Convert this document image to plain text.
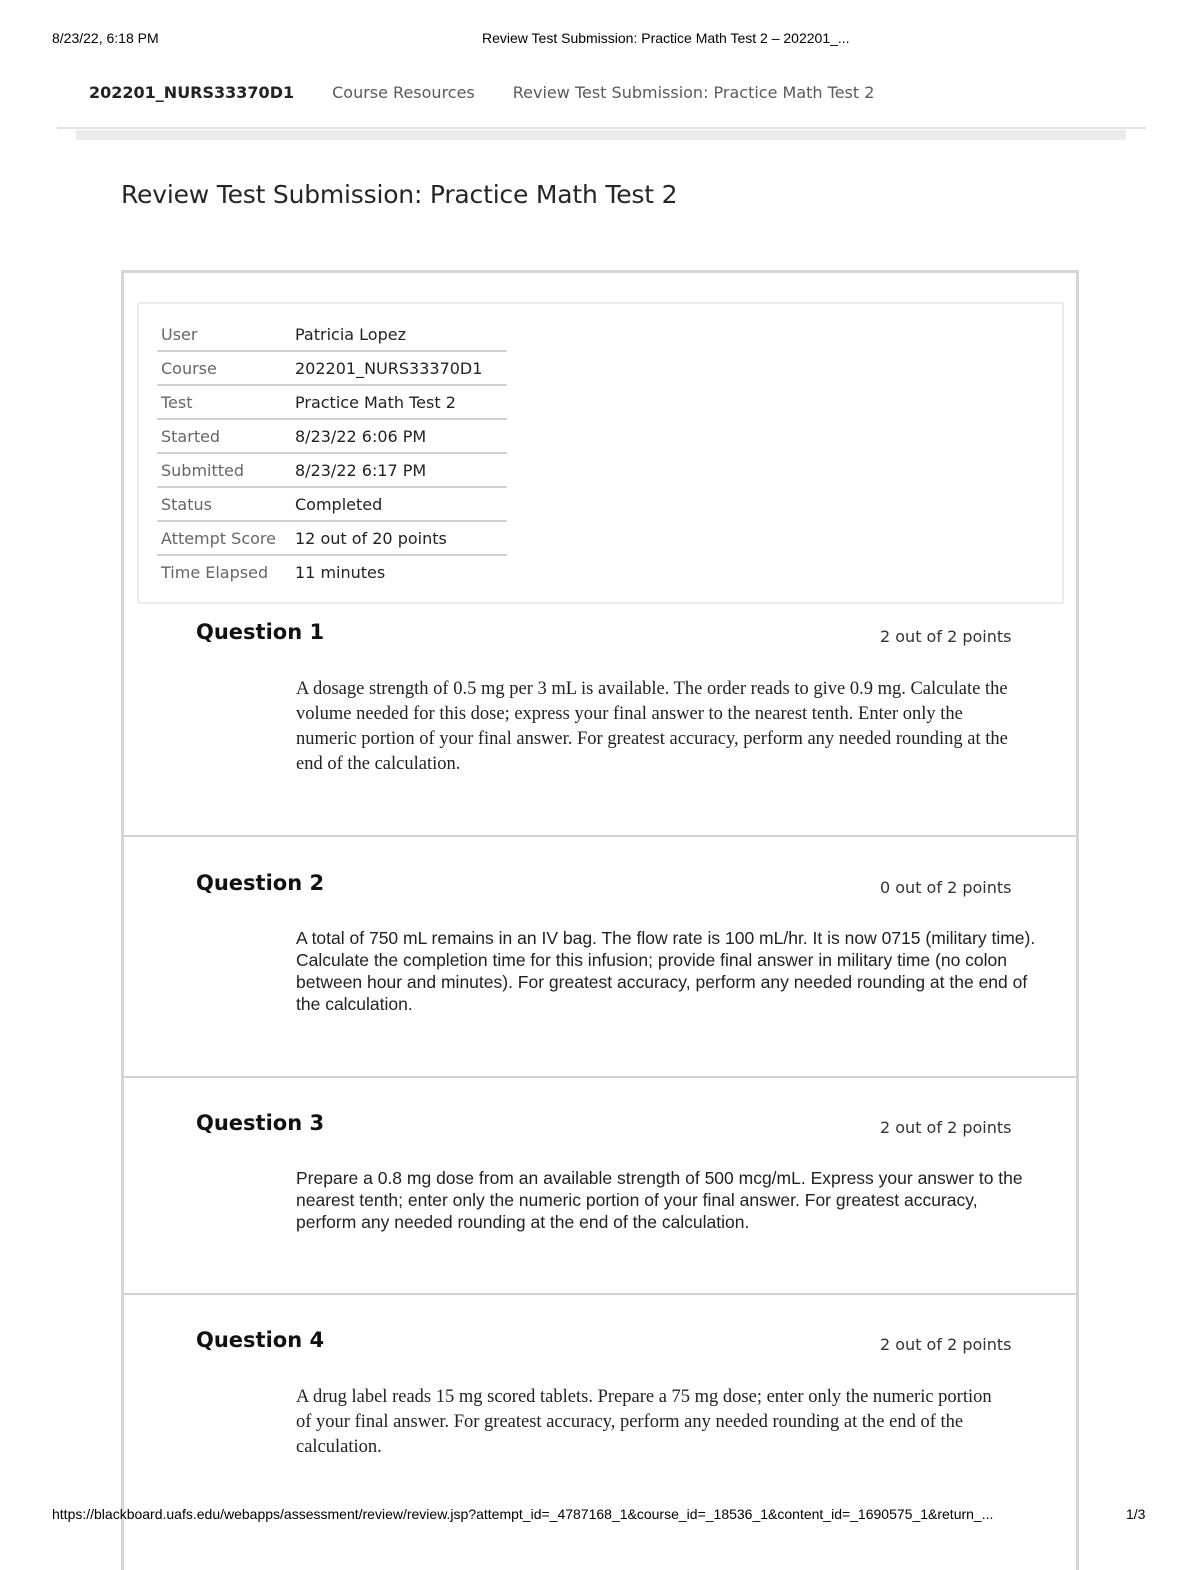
8/23/22, 6:18 PM	Review Test Submission: Practice Math Test 2 – 202201_...
202201_NURS33370D1 Course Resources Review Test Submission: Practice Math Test 2
Review Test Submission: Practice Math Test 2
User	Patricia Lopez
Course	202201_NURS33370D1
Test	Practice Math Test 2
Started	8/23/22 6:06 PM
Submitted	8/23/22 6:17 PM
Status	Completed
Attempt Score	12 out of 20 points
Time Elapsed	11 minutes
Question 1	2 out of 2 points

A dosage strength of 0.5 mg per 3 mL is available. The order reads to give 0.9 mg. Calculate the volume needed for this dose; express your final answer to the nearest tenth. Enter only the numeric portion of your final answer. For greatest accuracy, perform any needed rounding at the end of the calculation.

Question 2	0 out of 2 points

A total of 750 mL remains in an IV bag. The flow rate is 100 mL/hr. It is now 0715 (military time). Calculate the completion time for this infusion; provide final answer in military time (no colon between hour and minutes). For greatest accuracy, perform any needed rounding at the end of the calculation.

Question 3	2 out of 2 points

Prepare a 0.8 mg dose from an available strength of 500 mcg/mL. Express your answer to the nearest tenth; enter only the numeric portion of your final answer. For greatest accuracy, perform any needed rounding at the end of the calculation.

Question 4	2 out of 2 points

A drug label reads 15 mg scored tablets. Prepare a 75 mg dose; enter only the numeric portion of your final answer. For greatest accuracy, perform any needed rounding at the end of the calculation.

https://blackboard.uafs.edu/webapps/assessment/review/review.jsp?attempt_id=_4787168_1&course_id=_18536_1&content_id=_1690575_1&return_...	1/3
